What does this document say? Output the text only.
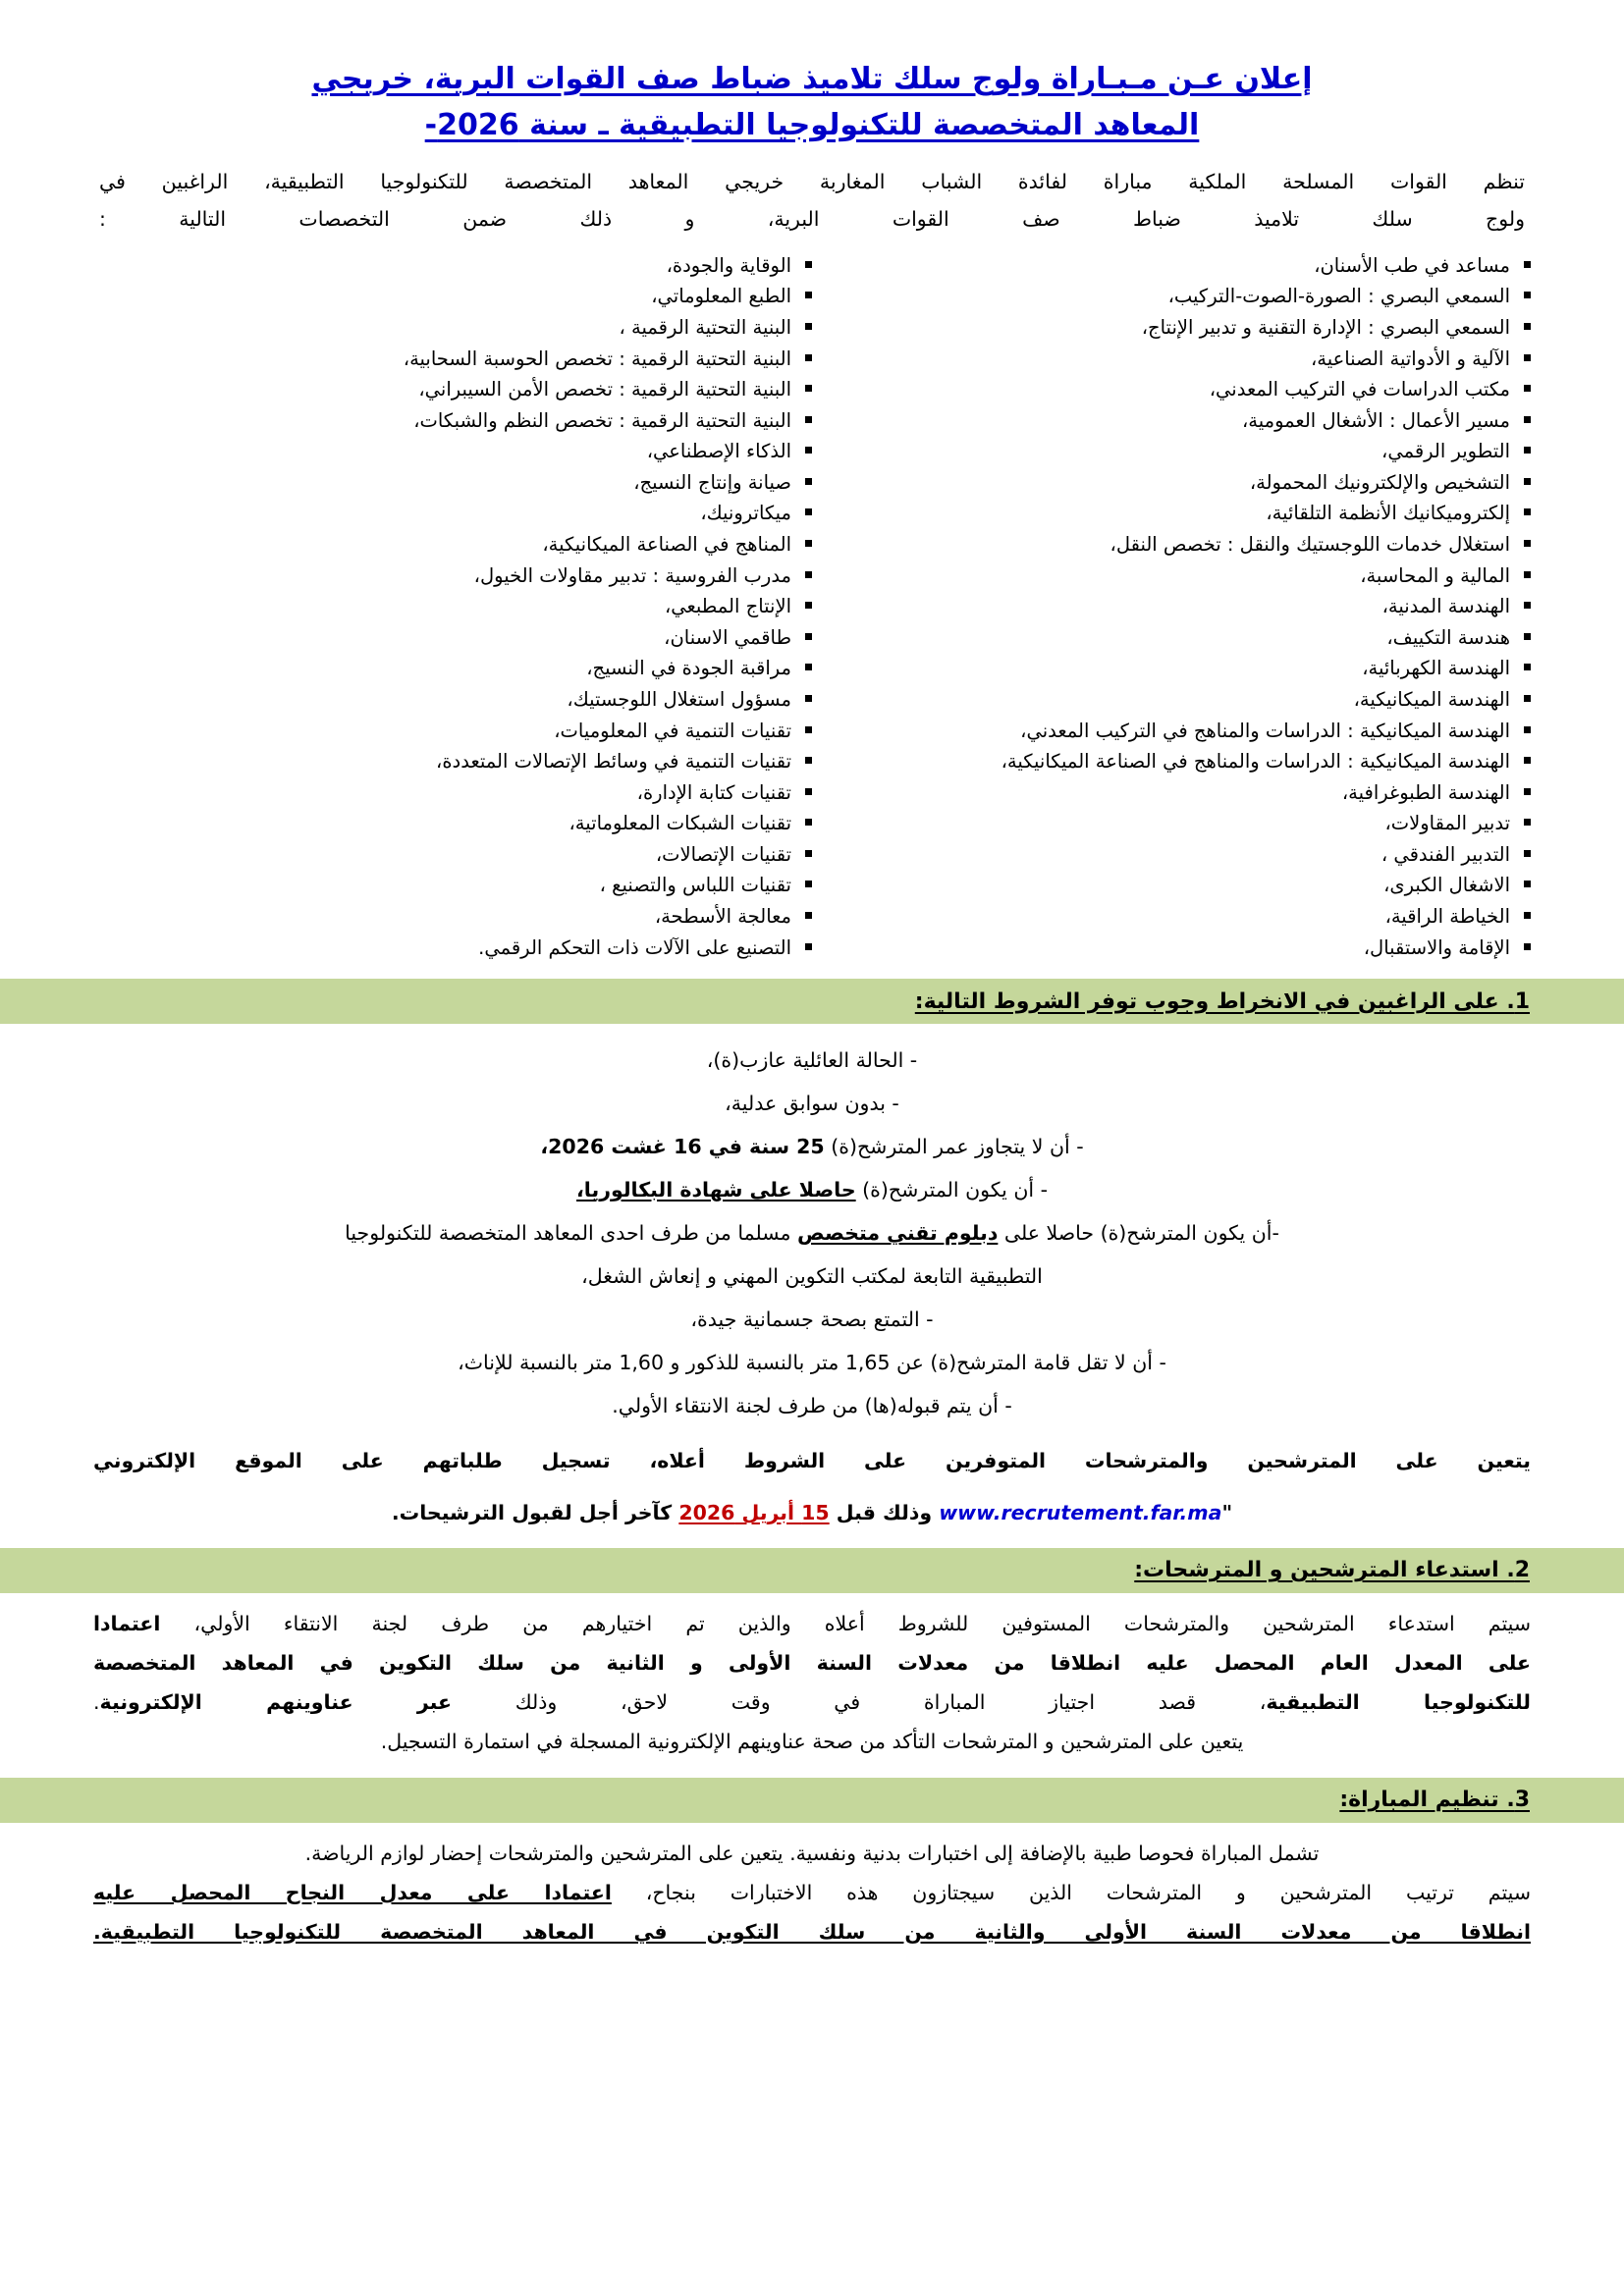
إعلان عـن مـبـاراة ولوج سلك تلاميذ ضباط صف القوات البرية، خريجي
المعاهد المتخصصة للتكنولوجيا التطبيقية ـ سنة 2026-
تنظم القوات المسلحة الملكية مباراة لفائدة الشباب المغاربة خريجي المعاهد المتخصصة للتكنولوجيا التطبيقية، الراغبين في
ولوج سلك تلاميذ ضباط صف القوات البرية، و ذلك ضمن التخصصات التالية :
مساعد في طب الأسنان،
السمعي البصري : الصورة-الصوت-التركيب،
السمعي البصري : الإدارة التقنية و تدبير الإنتاج،
الآلية و الأدواتية الصناعية،
مكتب الدراسات في التركيب المعدني،
مسير الأعمال : الأشغال العمومية،
التطوير الرقمي،
التشخيص والإلكترونيك المحمولة،
إلكتروميكانيك الأنظمة التلقائية،
استغلال خدمات اللوجستيك والنقل : تخصص النقل،
المالية و المحاسبة،
الهندسة المدنية،
هندسة التكييف،
الهندسة الكهربائية،
الهندسة الميكانيكية،
الهندسة الميكانيكية : الدراسات والمناهج في التركيب المعدني،
الهندسة الميكانيكية : الدراسات والمناهج في الصناعة الميكانيكية،
الهندسة الطبوغرافية،
تدبير المقاولات،
التدبير الفندقي ،
الاشغال الكبرى،
الخياطة الراقية،
الإقامة والاستقبال،
الوقاية والجودة،
الطبع المعلوماتي،
البنية التحتية الرقمية ،
البنية التحتية الرقمية : تخصص الحوسبة السحابية،
البنية التحتية الرقمية : تخصص الأمن السيبراني،
البنية التحتية الرقمية : تخصص النظم والشبكات،
الذكاء الإصطناعي،
صيانة وإنتاج النسيج،
ميكاترونيك،
المناهج في الصناعة الميكانيكية،
مدرب الفروسية : تدبير مقاولات الخيول،
الإنتاج المطبعي،
طاقمي الاسنان،
مراقبة الجودة في النسيج،
مسؤول استغلال اللوجستيك،
تقنيات التنمية في المعلوميات،
تقنيات التنمية في وسائط الإتصالات المتعددة،
تقنيات كتابة الإدارة،
تقنيات الشبكات المعلوماتية،
تقنيات الإتصالات،
تقنيات اللباس والتصنيع ،
معالجة الأسطحة،
التصنيع على الآلات ذات التحكم الرقمي.
1. على الراغبين في الانخراط وجوب توفر الشروط التالية:
- الحالة العائلية عازب(ة)،
- بدون سوابق عدلية،
- أن لا يتجاوز عمر المترشح(ة) 25 سنة في 16 غشت 2026،
- أن يكون المترشح(ة) حاصلا على شهادة البكالوريا،
-أن يكون المترشح(ة) حاصلا على دبلوم تقني متخصص مسلما من طرف احدى المعاهد المتخصصة للتكنولوجيا
التطبيقية التابعة لمكتب التكوين المهني و إنعاش الشغل،
- التمتع بصحة جسمانية جيدة،
- أن لا تقل قامة المترشح(ة) عن 1,65 متر بالنسبة للذكور و 1,60 متر بالنسبة للإناث،
- أن يتم قبوله(ها) من طرف لجنة الانتقاء الأولي.
يتعين على المترشحين والمترشحات المتوفرين على الشروط أعلاه، تسجيل طلباتهم على الموقع الإلكتروني
"www.recrutement.far.ma وذلك قبل 15 أبريل 2026 كآخر أجل لقبول الترشيحات.
2. استدعاء المترشحين و المترشحات:
سيتم استدعاء المترشحين والمترشحات المستوفين للشروط أعلاه والذين تم اختيارهم من طرف لجنة الانتقاء الأولي، اعتمادا
على المعدل العام المحصل عليه انطلاقا من معدلات السنة الأولى و الثانية من سلك التكوين في المعاهد المتخصصة
للتكنولوجيا التطبيقية، قصد اجتياز المباراة في وقت لاحق، وذلك عبر عناوينهم الإلكترونية.
يتعين على المترشحين و المترشحات التأكد من صحة عناوينهم الإلكترونية المسجلة في استمارة التسجيل.
3. تنظيم المباراة:
تشمل المباراة فحوصا طبية بالإضافة إلى اختبارات بدنية ونفسية. يتعين على المترشحين والمترشحات إحضار لوازم الرياضة.
سيتم ترتيب المترشحين و المترشحات الذين سيجتازون هذه الاختبارات بنجاح، اعتمادا على معدل النجاح المحصل عليه
انطلاقا من معدلات السنة الأولى والثانية من سلك التكوين في المعاهد المتخصصة للتكنولوجيا التطبيقية.
